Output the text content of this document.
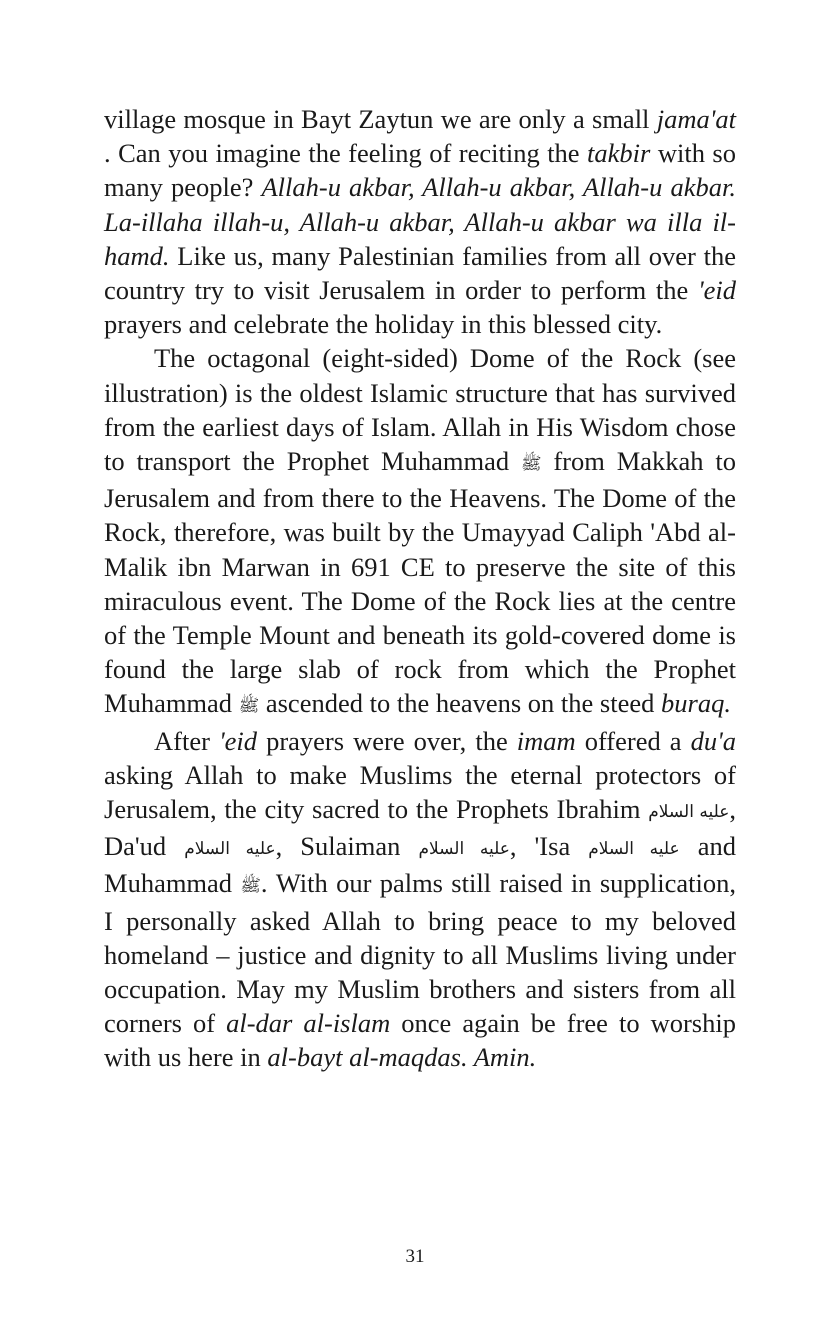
village mosque in Bayt Zaytun we are only a small jama'at . Can you imagine the feeling of reciting the takbir with so many people? Allah-u akbar, Allah-u akbar, Allah-u akbar. La-illaha illah-u, Allah-u akbar, Allah-u akbar wa illa il-hamd. Like us, many Palestinian families from all over the country try to visit Jerusalem in order to perform the 'eid prayers and celebrate the holiday in this blessed city.

The octagonal (eight-sided) Dome of the Rock (see illustration) is the oldest Islamic structure that has survived from the earliest days of Islam. Allah in His Wisdom chose to transport the Prophet Muhammad ﷺ from Makkah to Jerusalem and from there to the Heavens. The Dome of the Rock, therefore, was built by the Umayyad Caliph 'Abd al-Malik ibn Marwan in 691 CE to preserve the site of this miraculous event. The Dome of the Rock lies at the centre of the Temple Mount and beneath its gold-covered dome is found the large slab of rock from which the Prophet Muhammad ﷺ ascended to the heavens on the steed buraq.

After 'eid prayers were over, the imam offered a du'a asking Allah to make Muslims the eternal protectors of Jerusalem, the city sacred to the Prophets Ibrahim عليه السلام, Da'ud عليه السلام, Sulaiman عليه السلام, 'Isa عليه السلام and Muhammad ﷺ. With our palms still raised in supplication, I personally asked Allah to bring peace to my beloved homeland – justice and dignity to all Muslims living under occupation. May my Muslim brothers and sisters from all corners of al-dar al-islam once again be free to worship with us here in al-bayt al-maqdas. Amin.

31
